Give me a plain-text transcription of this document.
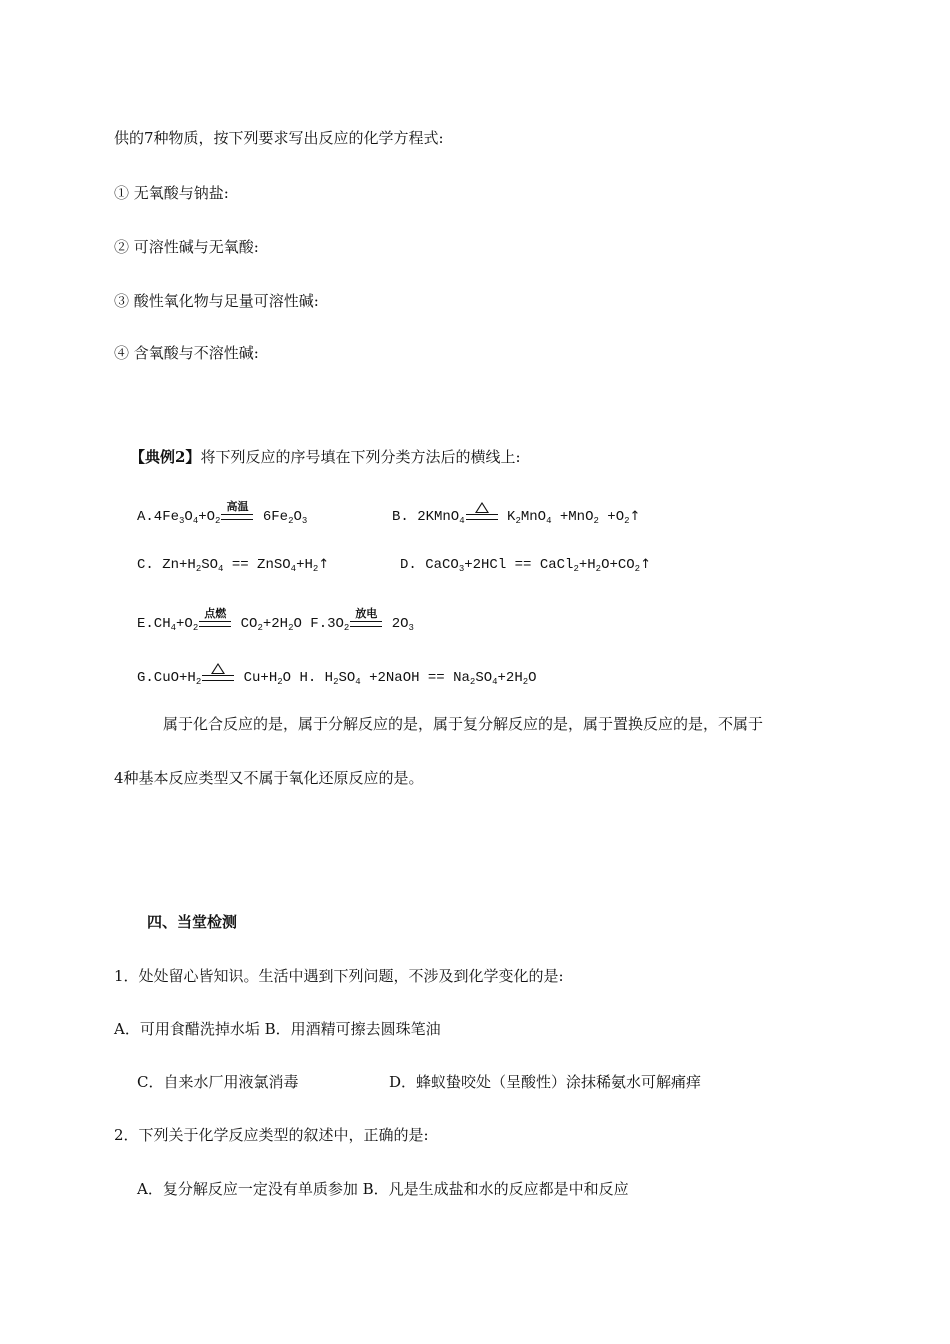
供的7种物质，按下列要求写出反应的化学方程式:
① 无氧酸与钠盐:
② 可溶性碱与无氧酸:
③ 酸性氧化物与足量可溶性碱:
④ 含氧酸与不溶性碱:
【典例2】将下列反应的序号填在下列分类方法后的横线上:
$A.4Fe_3O_4+O_2$
高温
$6Fe_2O_3$	B. 2KMnO$_4$
$K_2MnO_4 +MnO_2$ $+O_2↑$
C. $Zn+H_2SO_4$ == $ZnSO_4+H_2↑$	D. CaCO$_3$+2HCl == $CaCl_2+H_2O+CO_2↑$
$E.CH_4+O_2$
点燃
$CO_2+2H_2O$ $F.3O_2$
放电
$2O_3$
$G.CuO+H_2$
$Cu+H_2O$ H. $H_2SO_4$ +2NaOH == $Na_2SO_4+2H_2O$
属于化合反应的是，属于分解反应的是，属于复分解反应的是，属于置换反应的是，不属于
4种基本反应类型又不属于氧化还原反应的是。
四、当堂检测
1．处处留心皆知识。生活中遇到下列问题，不涉及到化学变化的是:
A．可用食醋洗掉水垢 B．用酒精可擦去圆珠笔油
C．自来水厂用液氯消毒	D．蜂蚁蛰咬处（呈酸性）涂抹稀氨水可解痛痒
2．下列关于化学反应类型的叙述中，正确的是:
A．复分解反应一定没有单质参加 B．凡是生成盐和水的反应都是中和反应
